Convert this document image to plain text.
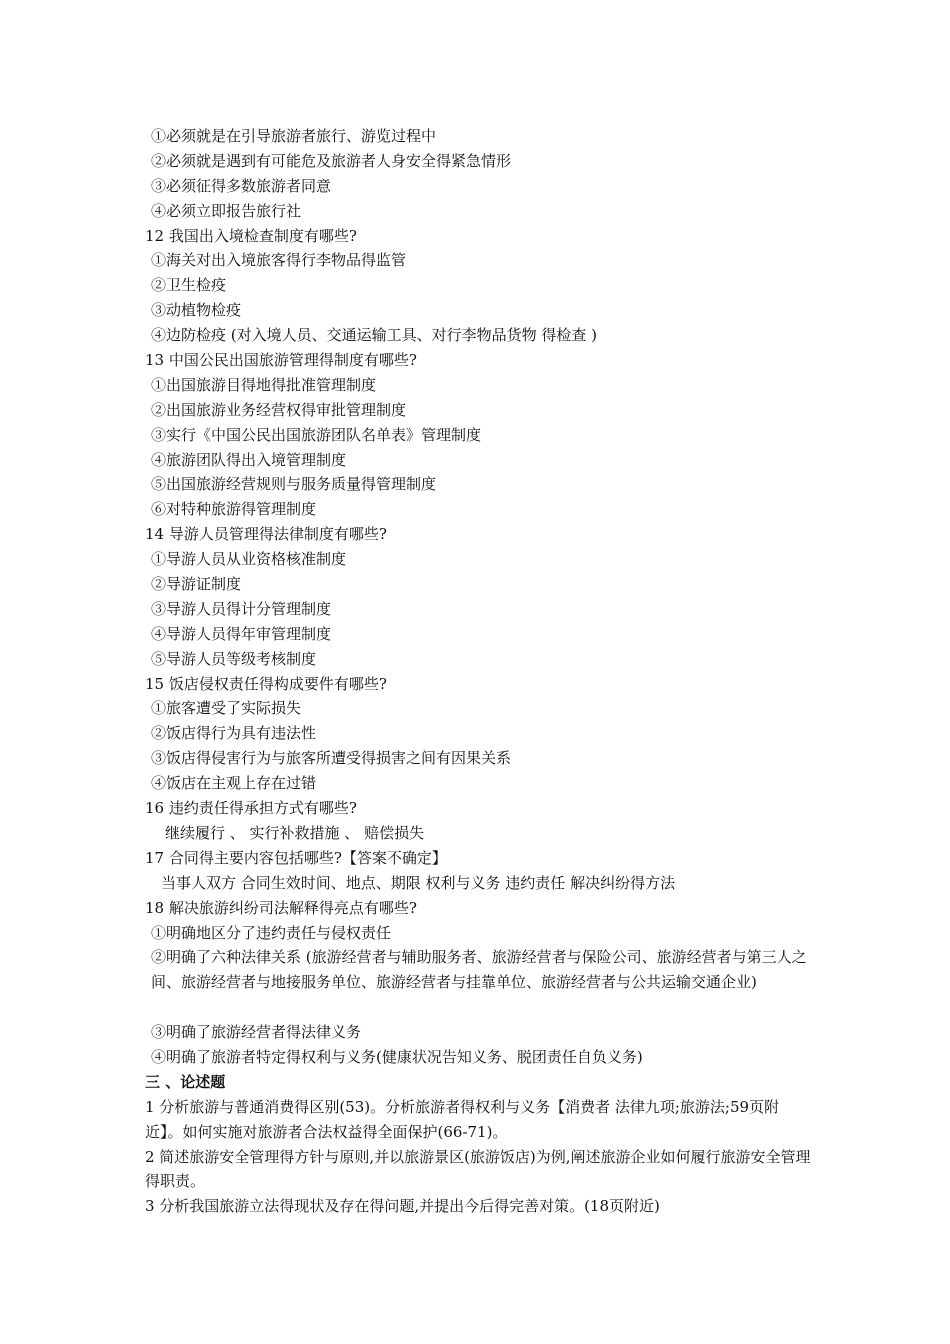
①必须就是在引导旅游者旅行、游览过程中
②必须就是遇到有可能危及旅游者人身安全得紧急情形
③必须征得多数旅游者同意
④必须立即报告旅行社
12 我国出入境检查制度有哪些?
①海关对出入境旅客得行李物品得监管
②卫生检疫
③动植物检疫
④边防检疫 (对入境人员、交通运输工具、对行李物品货物 得检查 )
13 中国公民出国旅游管理得制度有哪些?
①出国旅游目得地得批准管理制度
②出国旅游业务经营权得审批管理制度
③实行《中国公民出国旅游团队名单表》管理制度
④旅游团队得出入境管理制度
⑤出国旅游经营规则与服务质量得管理制度
⑥对特种旅游得管理制度
14 导游人员管理得法律制度有哪些?
①导游人员从业资格核准制度
②导游证制度
③导游人员得计分管理制度
④导游人员得年审管理制度
⑤导游人员等级考核制度
15 饭店侵权责任得构成要件有哪些?
①旅客遭受了实际损失
②饭店得行为具有违法性
③饭店得侵害行为与旅客所遭受得损害之间有因果关系
④饭店在主观上存在过错
16 违约责任得承担方式有哪些?
继续履行 、 实行补救措施 、 赔偿损失
17 合同得主要内容包括哪些?【答案不确定】
当事人双方 合同生效时间、地点、期限 权利与义务 违约责任 解决纠纷得方法
18 解决旅游纠纷司法解释得亮点有哪些?
①明确地区分了违约责任与侵权责任
②明确了六种法律关系 (旅游经营者与辅助服务者、旅游经营者与保险公司、旅游经营者与第三人之间、旅游经营者与地接服务单位、旅游经营者与挂靠单位、旅游经营者与公共运输交通企业)
③明确了旅游经营者得法律义务
④明确了旅游者特定得权利与义务(健康状况告知义务、脱团责任自负义务)
三 、论述题
1 分析旅游与普通消费得区别(53)。分析旅游者得权利与义务【消费者 法律九项;旅游法;59页附近】。如何实施对旅游者合法权益得全面保护(66-71)。
2 简述旅游安全管理得方针与原则,并以旅游景区(旅游饭店)为例,阐述旅游企业如何履行旅游安全管理得职责。
3 分析我国旅游立法得现状及存在得问题,并提出今后得完善对策。(18页附近)
